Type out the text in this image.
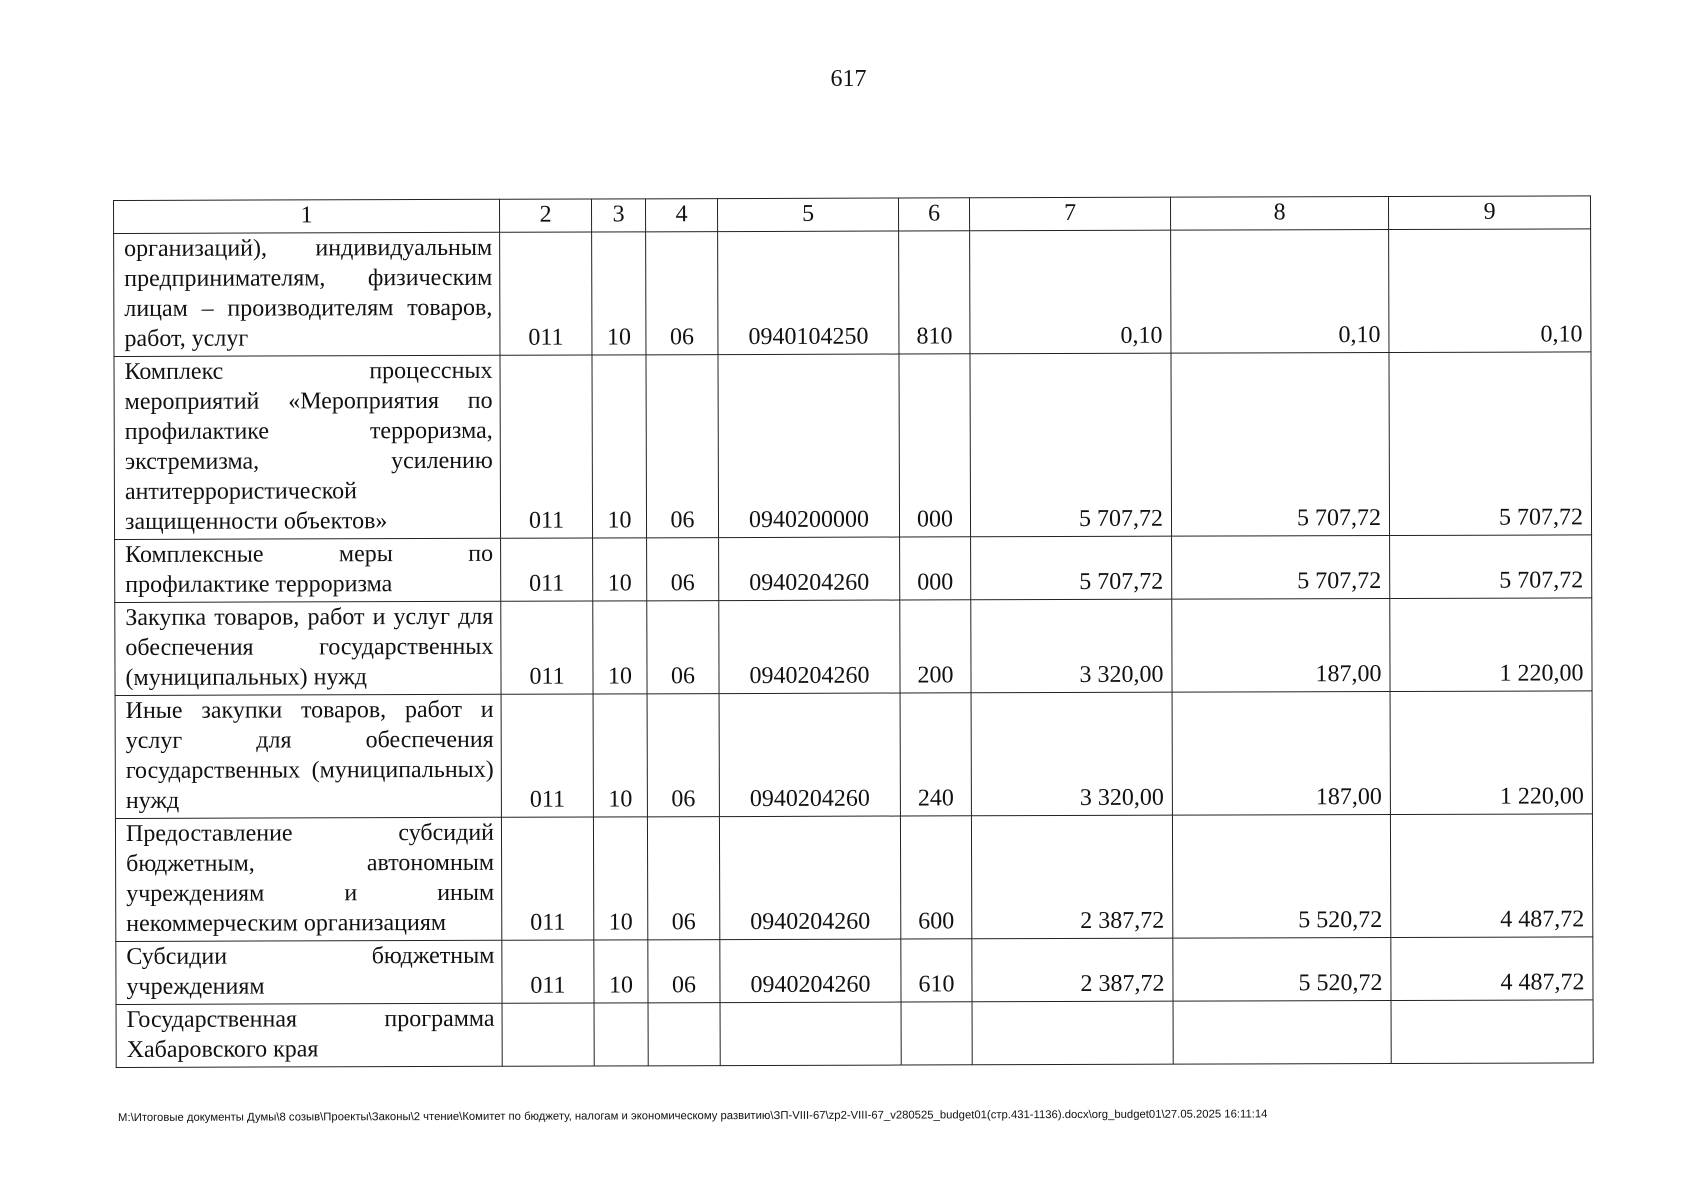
617
1	2	3	4	5	6	7	8	9
организаций), индивидуальным предпринимателям, физическим лицам – производителям товаров, работ, услуг	011	10	06	0940104250	810	0,10	0,10	0,10
Комплекс процессных мероприятий «Мероприятия по профилактике терроризма, экстремизма, усилению антитеррористической защищенности объектов»	011	10	06	0940200000	000	5 707,72	5 707,72	5 707,72
Комплексные меры по профилактике терроризма	011	10	06	0940204260	000	5 707,72	5 707,72	5 707,72
Закупка товаров, работ и услуг для обеспечения государственных (муниципальных) нужд	011	10	06	0940204260	200	3 320,00	187,00	1 220,00
Иные закупки товаров, работ и услуг для обеспечения государственных (муниципальных) нужд	011	10	06	0940204260	240	3 320,00	187,00	1 220,00
Предоставление субсидий бюджетным, автономным учреждениям и иным некоммерческим организациям	011	10	06	0940204260	600	2 387,72	5 520,72	4 487,72
Субсидии бюджетным учреждениям	011	10	06	0940204260	610	2 387,72	5 520,72	4 487,72
Государственная программа Хабаровского края								
M:\Итоговые документы Думы\8 созыв\Проекты\Законы\2 чтение\Комитет по бюджету, налогам и экономическому развитию\ЗП-VIII-67\zp2-VIII-67_v280525_budget01(стр.431-1136).docx\org_budget01\27.05.2025 16:11:14
